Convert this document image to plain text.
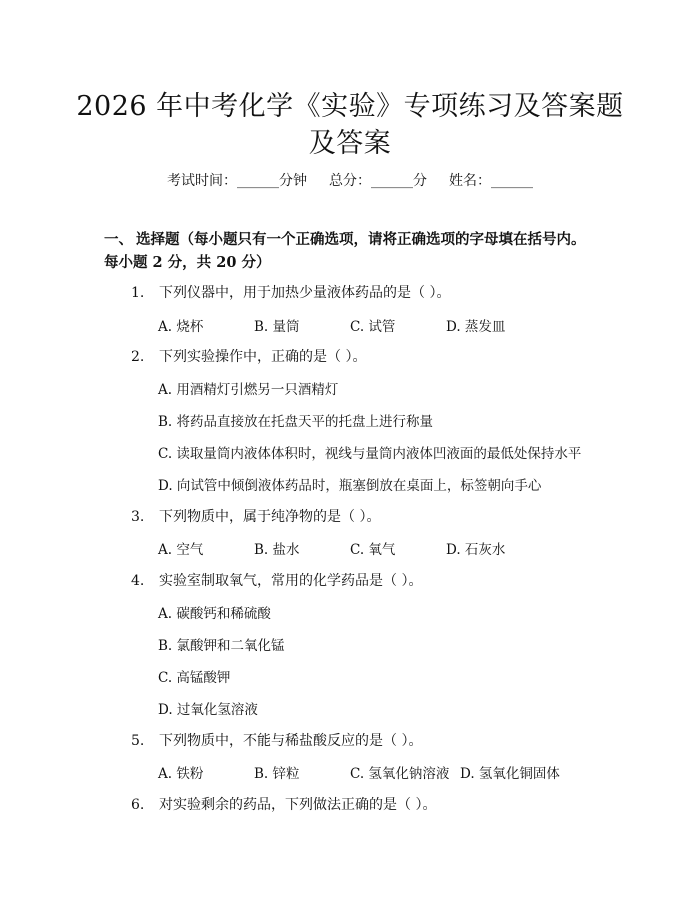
2026 年中考化学《实验》专项练习及答案题
及答案
考试时间：______分钟 总分：______分 姓名：______
一、 选择题（每小题只有一个正确选项，请将正确选项的字母填在括号内。每小题 2 分，共 20 分）
1. 下列仪器中，用于加热少量液体药品的是（ ）。
A. 烧杯	B. 量筒	C. 试管	D. 蒸发皿
2. 下列实验操作中，正确的是（ ）。
A. 用酒精灯引燃另一只酒精灯
B. 将药品直接放在托盘天平的托盘上进行称量
C. 读取量筒内液体体积时，视线与量筒内液体凹液面的最低处保持水平
D. 向试管中倾倒液体药品时，瓶塞倒放在桌面上，标签朝向手心
3. 下列物质中，属于纯净物的是（ ）。
A. 空气	B. 盐水	C. 氧气	D. 石灰水
4. 实验室制取氧气，常用的化学药品是（ ）。
A. 碳酸钙和稀硫酸
B. 氯酸钾和二氧化锰
C. 高锰酸钾
D. 过氧化氢溶液
5. 下列物质中，不能与稀盐酸反应的是（ ）。
A. 铁粉	B. 锌粒	C. 氢氧化钠溶液 D. 氢氧化铜固体
6. 对实验剩余的药品，下列做法正确的是（ ）。
